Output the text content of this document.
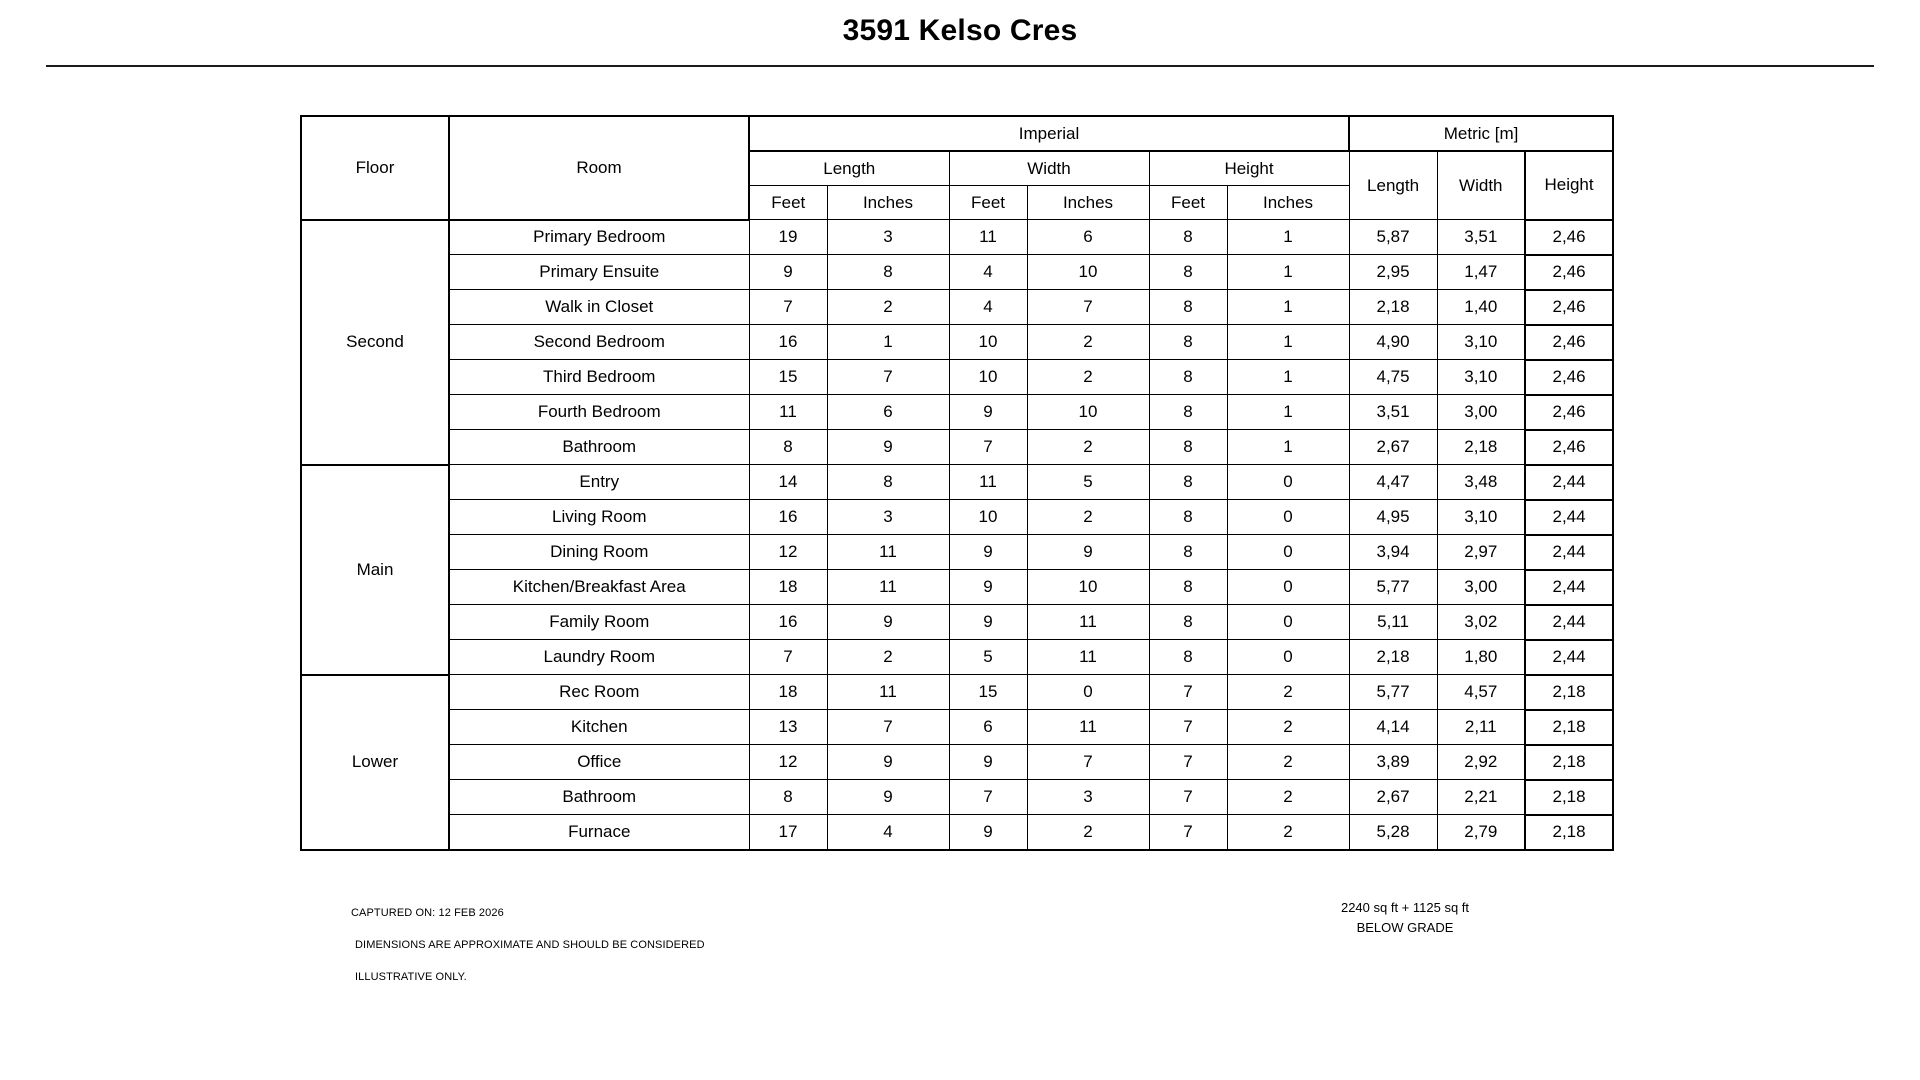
3591 Kelso Cres
Floor	Room	Imperial						Metric [m]		
		Length		Width		Height		Length	Width	Height
		Feet	Inches	Feet	Inches	Feet	Inches			
Second	Primary Bedroom	19	3	11	6	8	1	5,87	3,51	2,46
	Primary Ensuite	9	8	4	10	8	1	2,95	1,47	2,46
	Walk in Closet	7	2	4	7	8	1	2,18	1,40	2,46
	Second Bedroom	16	1	10	2	8	1	4,90	3,10	2,46
	Third Bedroom	15	7	10	2	8	1	4,75	3,10	2,46
	Fourth Bedroom	11	6	9	10	8	1	3,51	3,00	2,46
	Bathroom	8	9	7	2	8	1	2,67	2,18	2,46
Main	Entry	14	8	11	5	8	0	4,47	3,48	2,44
	Living Room	16	3	10	2	8	0	4,95	3,10	2,44
	Dining Room	12	11	9	9	8	0	3,94	2,97	2,44
	Kitchen/Breakfast Area	18	11	9	10	8	0	5,77	3,00	2,44
	Family Room	16	9	9	11	8	0	5,11	3,02	2,44
	Laundry Room	7	2	5	11	8	0	2,18	1,80	2,44
Lower	Rec Room	18	11	15	0	7	2	5,77	4,57	2,18
	Kitchen	13	7	6	11	7	2	4,14	2,11	2,18
	Office	12	9	9	7	7	2	3,89	2,92	2,18
	Bathroom	8	9	7	3	7	2	2,67	2,21	2,18
	Furnace	17	4	9	2	7	2	5,28	2,79	2,18

CAPTURED ON: 12 FEB 2026

DIMENSIONS ARE APPROXIMATE AND SHOULD BE CONSIDERED

ILLUSTRATIVE ONLY.

2240 sq ft + 1125 sq ft
BELOW GRADE
